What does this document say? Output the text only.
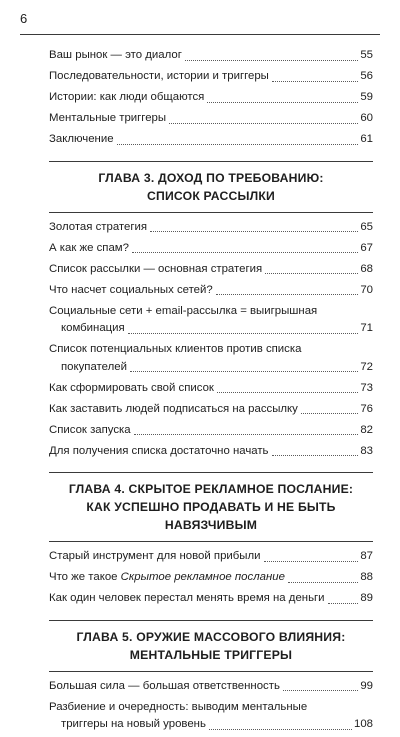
6
Ваш рынок — это диалог	55
Последовательности, истории и триггеры	56
Истории: как люди общаются	59
Ментальные триггеры	60
Заключение	61
ГЛАВА 3. ДОХОД ПО ТРЕБОВАНИЮ:
СПИСОК РАССЫЛКИ
Золотая стратегия	65
А как же спам?	67
Список рассылки — основная стратегия	68
Что насчет социальных сетей?	70
Социальные сети + email-рассылка = выигрышная
комбинация	71
Список потенциальных клиентов против списка
покупателей	72
Как сформировать свой список	73
Как заставить людей подписаться на рассылку	76
Список запуска	82
Для получения списка достаточно начать	83
ГЛАВА 4. СКРЫТОЕ РЕКЛАМНОЕ ПОСЛАНИЕ:
КАК УСПЕШНО ПРОДАВАТЬ И НЕ БЫТЬ НАВЯЗЧИВЫМ
Старый инструмент для новой прибыли	87
Что же такое Скрытое рекламное послание	88
Как один человек перестал менять время на деньги	89
ГЛАВА 5. ОРУЖИЕ МАССОВОГО ВЛИЯНИЯ:
МЕНТАЛЬНЫЕ ТРИГГЕРЫ
Большая сила — большая ответственность	99
Разбиение и очередность: выводим ментальные
триггеры на новый уровень	108
